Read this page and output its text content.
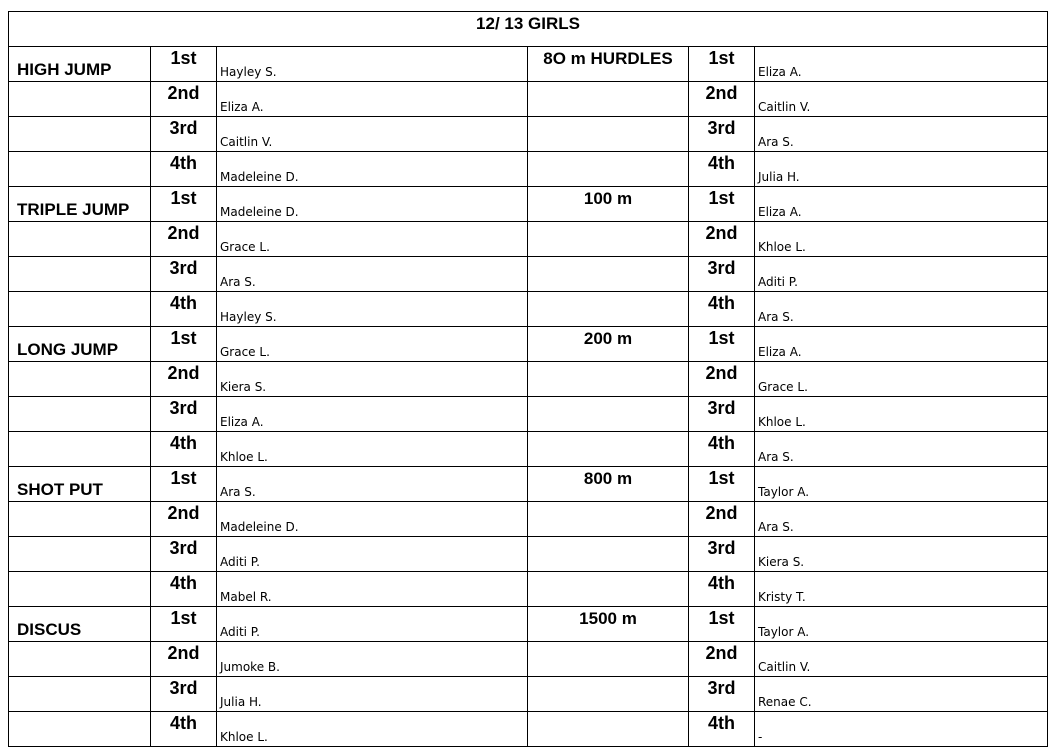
12/ 13 GIRLS					
HIGH JUMP	1st	Hayley S.	8O m HURDLES	1st	Eliza A.
	2nd	Eliza A.		2nd	Caitlin V.
	3rd	Caitlin V.		3rd	Ara S.
	4th	Madeleine D.		4th	Julia H.
TRIPLE JUMP	1st	Madeleine D.	100 m	1st	Eliza A.
	2nd	Grace L.		2nd	Khloe L.
	3rd	Ara S.		3rd	Aditi P.
	4th	Hayley S.		4th	Ara S.
LONG JUMP	1st	Grace L.	200 m	1st	Eliza A.
	2nd	Kiera S.		2nd	Grace L.
	3rd	Eliza A.		3rd	Khloe L.
	4th	Khloe L.		4th	Ara S.
SHOT PUT	1st	Ara S.	800 m	1st	Taylor A.
	2nd	Madeleine D.		2nd	Ara S.
	3rd	Aditi P.		3rd	Kiera S.
	4th	Mabel R.		4th	Kristy T.
DISCUS	1st	Aditi P.	1500 m	1st	Taylor A.
	2nd	Jumoke B.		2nd	Caitlin V.
	3rd	Julia H.		3rd	Renae C.
	4th	Khloe L.		4th	-
